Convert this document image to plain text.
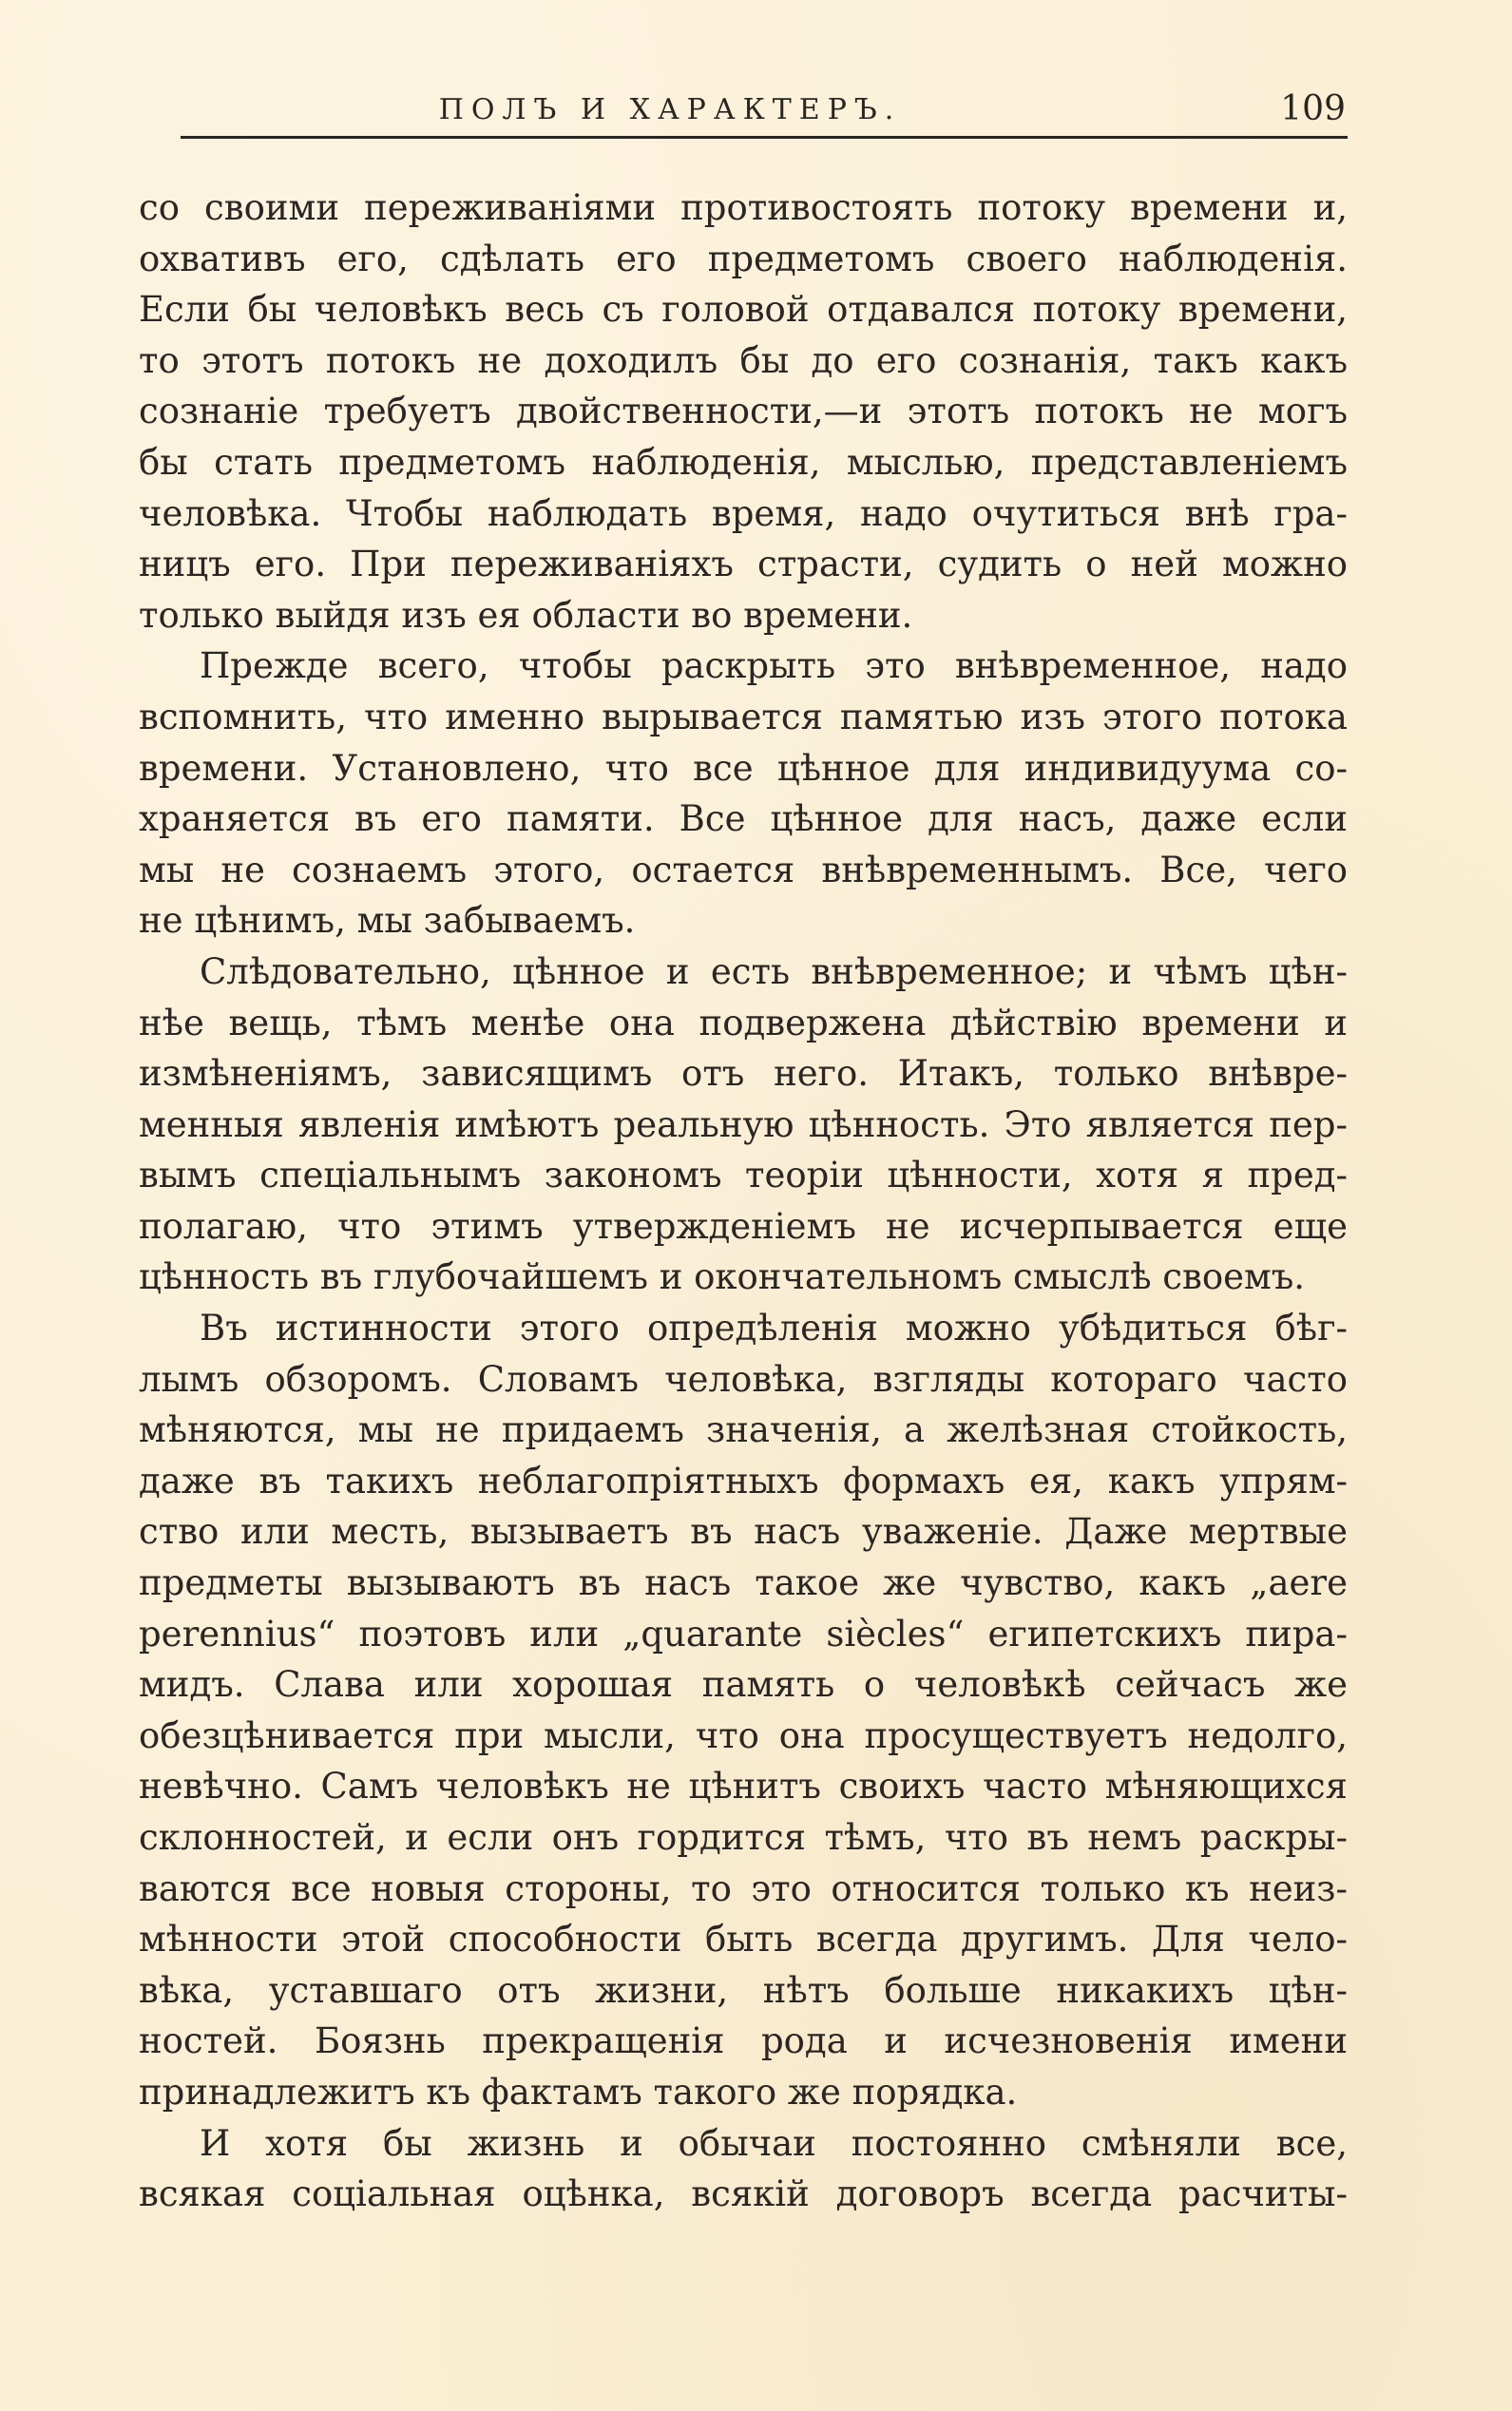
ПОЛЪ И ХАРАКТЕРЪ.	109
со своими переживаніями противостоять потоку времени и,
охвативъ его, сдѣлать его предметомъ своего наблюденія.
Если бы человѣкъ весь съ головой отдавался потоку времени,
то этотъ потокъ не доходилъ бы до его сознанія, такъ какъ
сознаніе требуетъ двойственности,—и этотъ потокъ не могъ
бы стать предметомъ наблюденія, мыслью, представленіемъ
человѣка. Чтобы наблюдать время, надо очутиться внѣ гра-
ницъ его. При переживаніяхъ страсти, судить о ней можно
только выйдя изъ ея области во времени.
Прежде всего, чтобы раскрыть это внѣвременное, надо
вспомнить, что именно вырывается памятью изъ этого потока
времени. Установлено, что все цѣнное для индивидуума со-
храняется въ его памяти. Все цѣнное для насъ, даже если
мы не сознаемъ этого, остается внѣвременнымъ. Все, чего
не цѣнимъ, мы забываемъ.
Слѣдовательно, цѣнное и есть внѣвременное; и чѣмъ цѣн-
нѣе вещь, тѣмъ менѣе она подвержена дѣйствію времени и
измѣненіямъ, зависящимъ отъ него. Итакъ, только внѣвре-
менныя явленія имѣютъ реальную цѣнность. Это является пер-
вымъ спеціальнымъ закономъ теоріи цѣнности, хотя я пред-
полагаю, что этимъ утвержденіемъ не исчерпывается еще
цѣнность въ глубочайшемъ и окончательномъ смыслѣ своемъ.
Въ истинности этого опредѣленія можно убѣдиться бѣг-
лымъ обзоромъ. Словамъ человѣка, взгляды котораго часто
мѣняются, мы не придаемъ значенія, а желѣзная стойкость,
даже въ такихъ неблагопріятныхъ формахъ ея, какъ упрям-
ство или месть, вызываетъ въ насъ уваженіе. Даже мертвые
предметы вызываютъ въ насъ такое же чувство, какъ „aere
perennius“ поэтовъ или „quarante siècles“ египетскихъ пира-
мидъ. Слава или хорошая память о человѣкѣ сейчасъ же
обезцѣнивается при мысли, что она просуществуетъ недолго,
невѣчно. Самъ человѣкъ не цѣнитъ своихъ часто мѣняющихся
склонностей, и если онъ гордится тѣмъ, что въ немъ раскры-
ваются все новыя стороны, то это относится только къ неиз-
мѣнности этой способности быть всегда другимъ. Для чело-
вѣка, уставшаго отъ жизни, нѣтъ больше никакихъ цѣн-
ностей. Боязнь прекращенія рода и исчезновенія имени
принадлежитъ къ фактамъ такого же порядка.
И хотя бы жизнь и обычаи постоянно смѣняли все,
всякая соціальная оцѣнка, всякій договоръ всегда расчиты-
